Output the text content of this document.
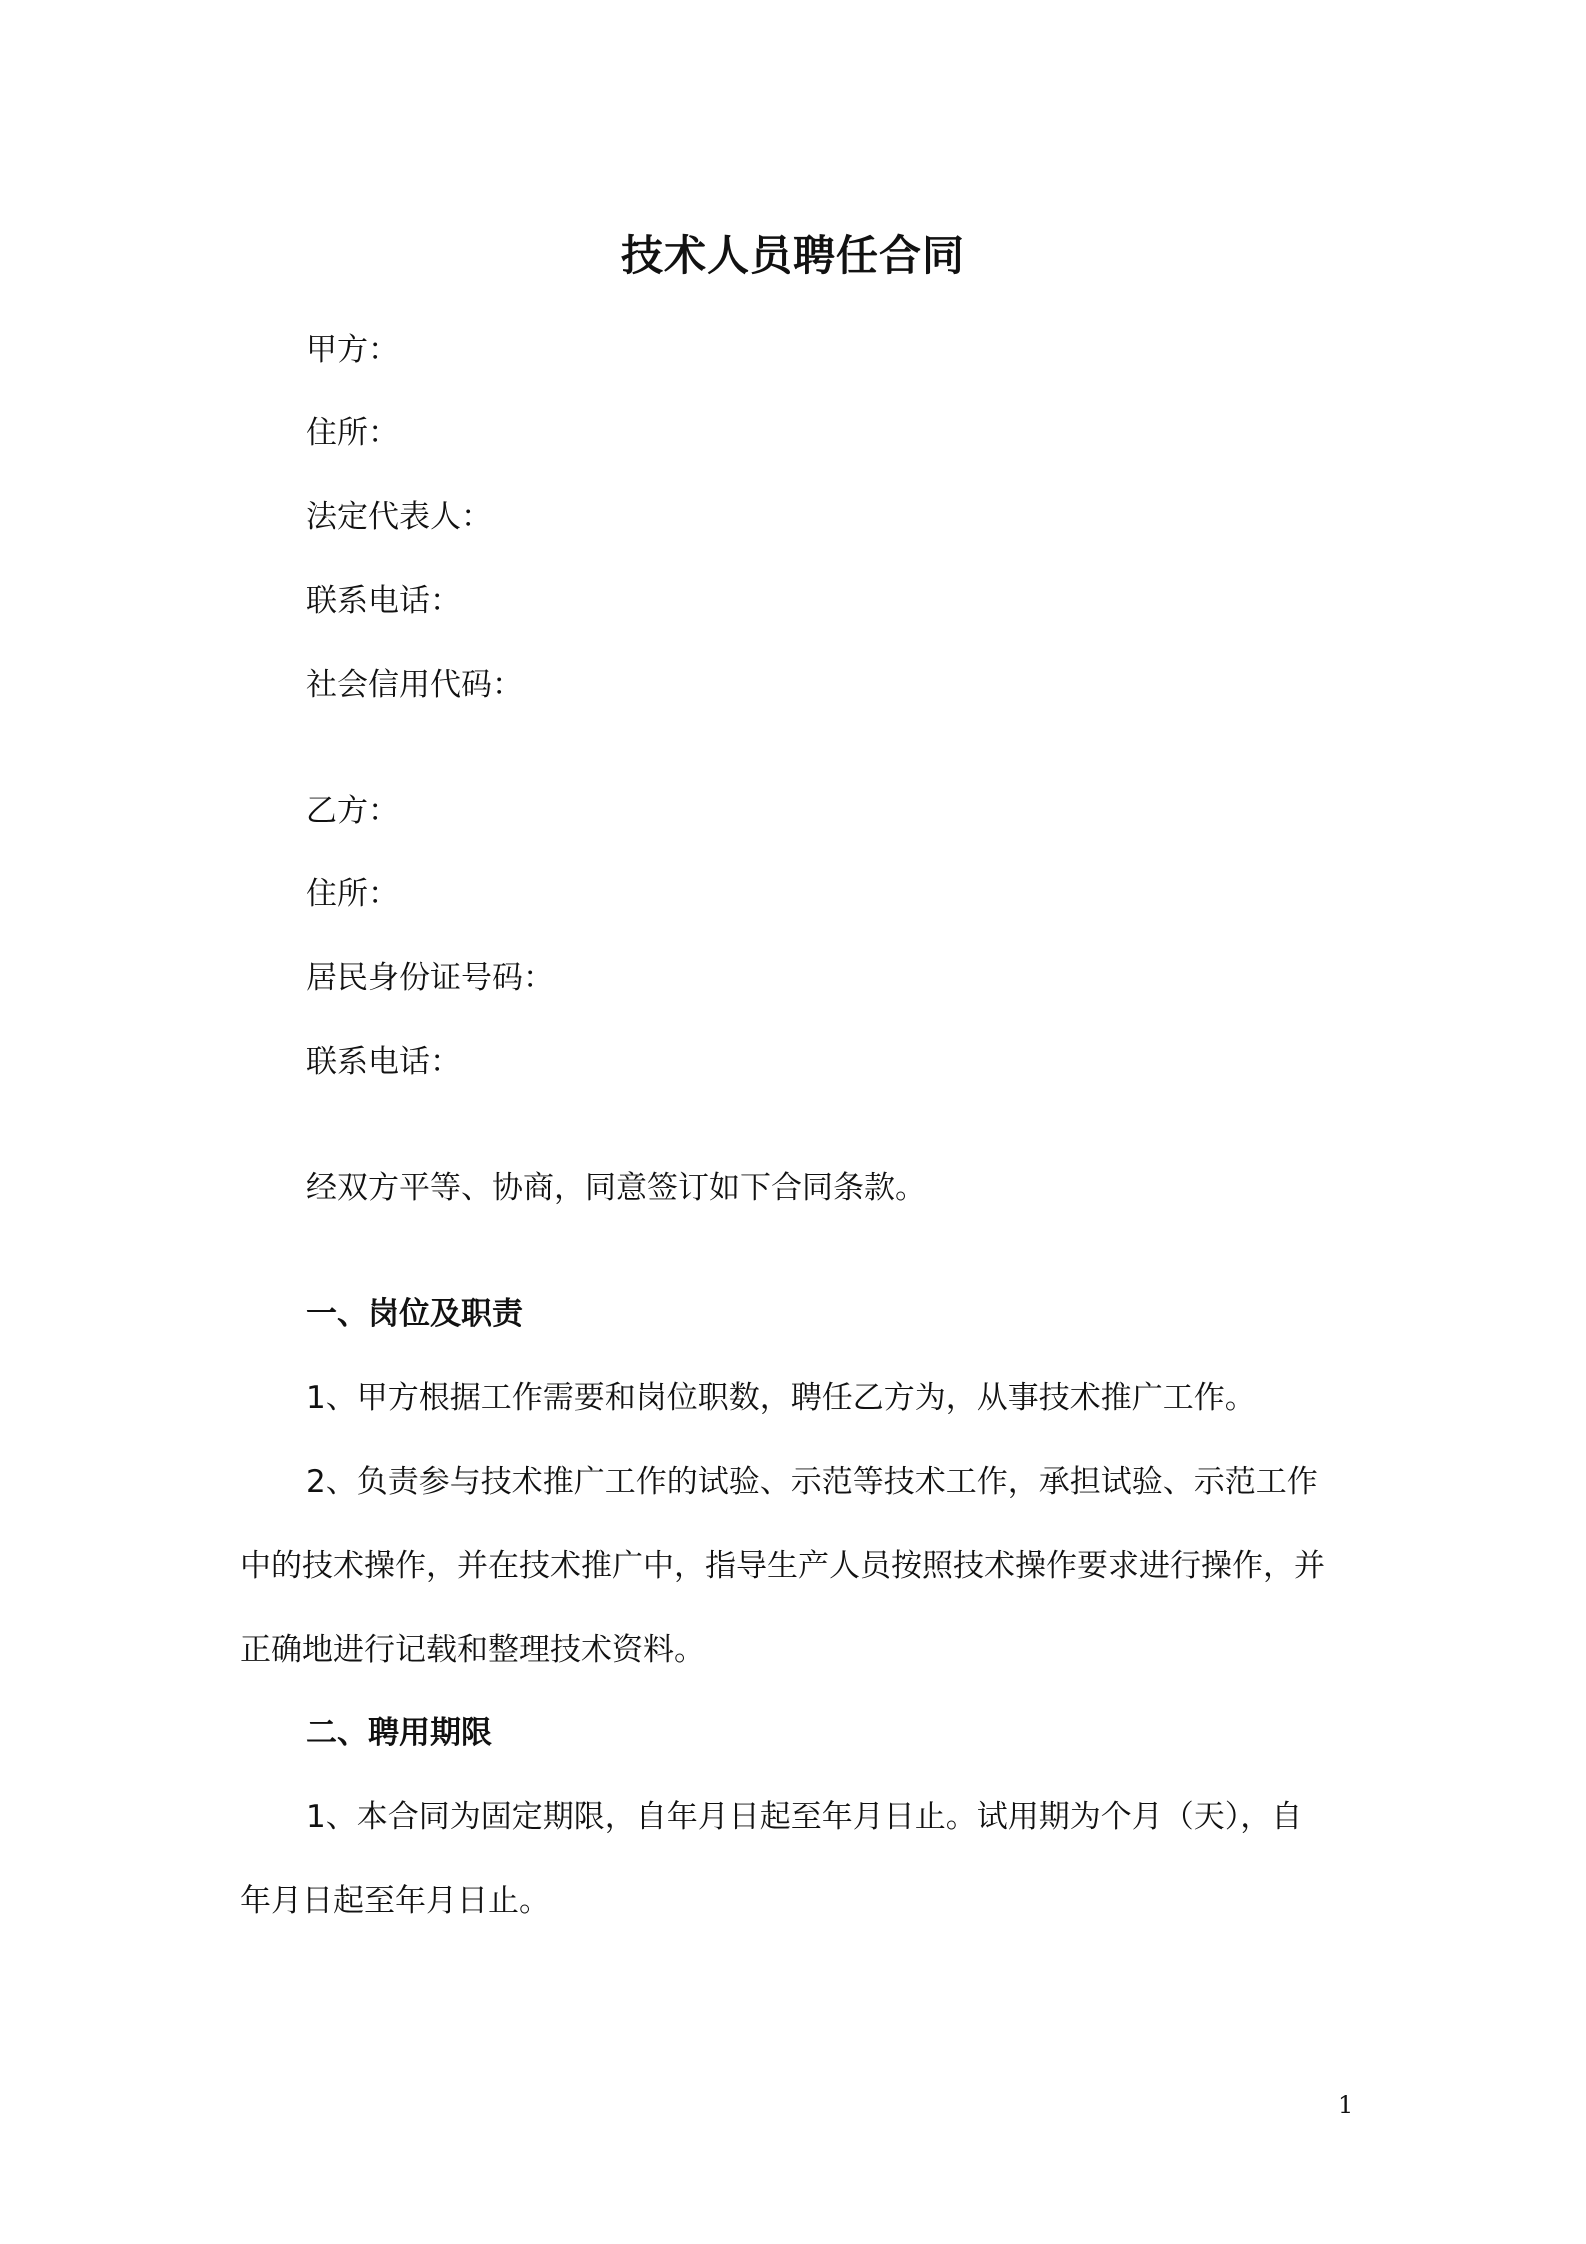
技术人员聘任合同
甲方：
住所：
法定代表人：
联系电话：
社会信用代码：
乙方：
住所：
居民身份证号码：
联系电话：
经双方平等、协商，同意签订如下合同条款。
一、岗位及职责
1、甲方根据工作需要和岗位职数，聘任乙方为，从事技术推广工作。
2、负责参与技术推广工作的试验、示范等技术工作，承担试验、示范工作
中的技术操作，并在技术推广中，指导生产人员按照技术操作要求进行操作，并
正确地进行记载和整理技术资料。
二、聘用期限
1、本合同为固定期限，自年月日起至年月日止。试用期为个月（天），自
年月日起至年月日止。
1
